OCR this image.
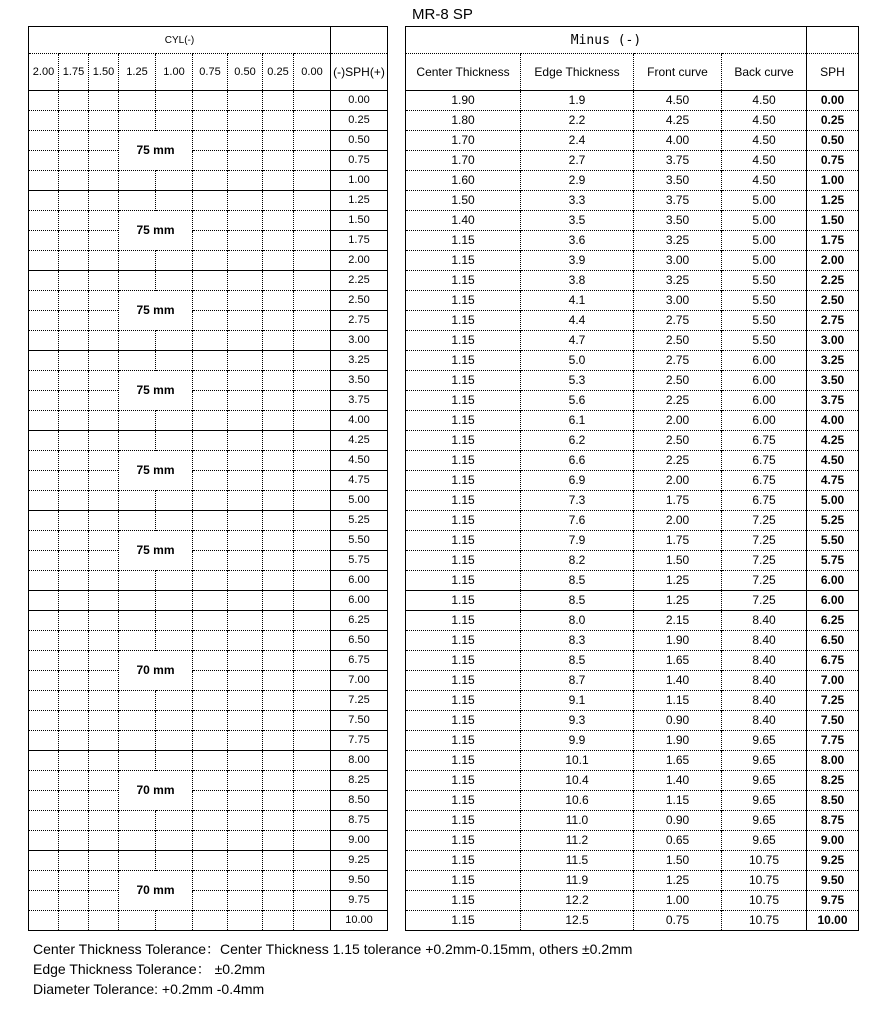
MR-8 SP
CYL(-)									
2.00	1.75	1.50	1.25	1.00	0.75	0.50	0.25	0.00	(-)SPH(+)
									0.00
									0.25
			75 mm						0.50
									0.75
									1.00
									1.25
			75 mm						1.50
									1.75
									2.00
									2.25
			75 mm						2.50
									2.75
									3.00
									3.25
			75 mm						3.50
									3.75
									4.00
									4.25
			75 mm						4.50
									4.75
									5.00
									5.25
			75 mm						5.50
									5.75
									6.00
									6.00
									6.25
									6.50
			70 mm						6.75
									7.00
									7.25
									7.50
									7.75
									8.00
			70 mm						8.25
									8.50
									8.75
									9.00
									9.25
			70 mm						9.50
									9.75
									10.00
Minus (-)				
Center Thickness	Edge Thickness	Front curve	Back curve	SPH
1.90	1.9	4.50	4.50	0.00
1.80	2.2	4.25	4.50	0.25
1.70	2.4	4.00	4.50	0.50
1.70	2.7	3.75	4.50	0.75
1.60	2.9	3.50	4.50	1.00
1.50	3.3	3.75	5.00	1.25
1.40	3.5	3.50	5.00	1.50
1.15	3.6	3.25	5.00	1.75
1.15	3.9	3.00	5.00	2.00
1.15	3.8	3.25	5.50	2.25
1.15	4.1	3.00	5.50	2.50
1.15	4.4	2.75	5.50	2.75
1.15	4.7	2.50	5.50	3.00
1.15	5.0	2.75	6.00	3.25
1.15	5.3	2.50	6.00	3.50
1.15	5.6	2.25	6.00	3.75
1.15	6.1	2.00	6.00	4.00
1.15	6.2	2.50	6.75	4.25
1.15	6.6	2.25	6.75	4.50
1.15	6.9	2.00	6.75	4.75
1.15	7.3	1.75	6.75	5.00
1.15	7.6	2.00	7.25	5.25
1.15	7.9	1.75	7.25	5.50
1.15	8.2	1.50	7.25	5.75
1.15	8.5	1.25	7.25	6.00
1.15	8.5	1.25	7.25	6.00
1.15	8.0	2.15	8.40	6.25
1.15	8.3	1.90	8.40	6.50
1.15	8.5	1.65	8.40	6.75
1.15	8.7	1.40	8.40	7.00
1.15	9.1	1.15	8.40	7.25
1.15	9.3	0.90	8.40	7.50
1.15	9.9	1.90	9.65	7.75
1.15	10.1	1.65	9.65	8.00
1.15	10.4	1.40	9.65	8.25
1.15	10.6	1.15	9.65	8.50
1.15	11.0	0.90	9.65	8.75
1.15	11.2	0.65	9.65	9.00
1.15	11.5	1.50	10.75	9.25
1.15	11.9	1.25	10.75	9.50
1.15	12.2	1.00	10.75	9.75
1.15	12.5	0.75	10.75	10.00
Center Thickness Tolerance：Center Thickness 1.15 tolerance +0.2mm-0.15mm, others ±0.2mm
Edge Thickness Tolerance： ±0.2mm
Diameter Tolerance: +0.2mm -0.4mm
